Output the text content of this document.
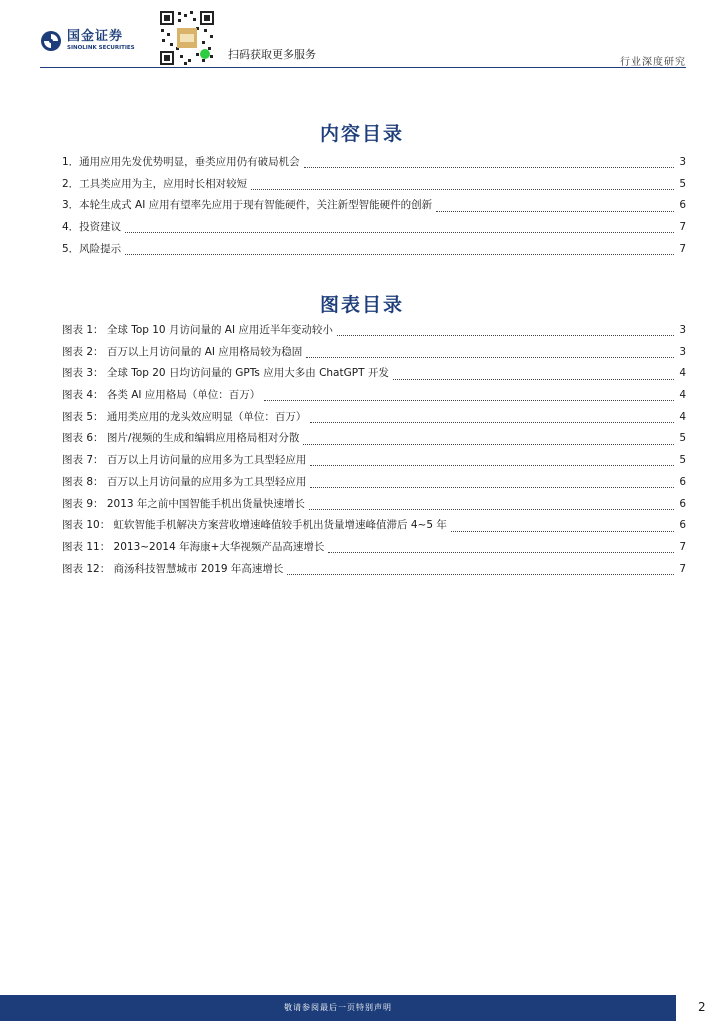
国金证券
SINOLINK SECURITIES	扫码获取更多服务
行业深度研究
内容目录
1．通用应用先发优势明显，垂类应用仍有破局机会	3
2．工具类应用为主，应用时长相对较短	5
3．本轮生成式 AI 应用有望率先应用于现有智能硬件，关注新型智能硬件的创新	6
4．投资建议	7
5．风险提示	7
图表目录
图表 1： 全球 Top 10 月访问量的 AI 应用近半年变动较小	3
图表 2： 百万以上月访问量的 AI 应用格局较为稳固	3
图表 3： 全球 Top 20 日均访问量的 GPTs 应用大多由 ChatGPT 开发	4
图表 4： 各类 AI 应用格局（单位：百万）	4
图表 5： 通用类应用的龙头效应明显（单位：百万）	4
图表 6： 图片/视频的生成和编辑应用格局相对分散	5
图表 7： 百万以上月访问量的应用多为工具型轻应用	5
图表 8： 百万以上月访问量的应用多为工具型轻应用	6
图表 9： 2013 年之前中国智能手机出货量快速增长	6
图表 10： 虹软智能手机解决方案营收增速峰值较手机出货量增速峰值滞后 4~5 年	6
图表 11： 2013~2014 年海康+大华视频产品高速增长	7
图表 12： 商汤科技智慧城市 2019 年高速增长	7
敬请参阅最后一页特别声明	2
